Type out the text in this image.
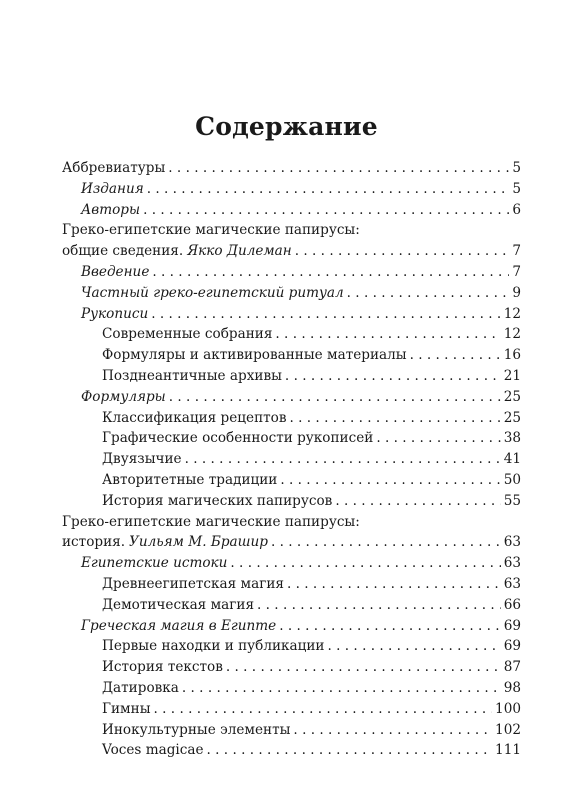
Содержание
Аббревиатуры . . .	5
Издания . . .	5
Авторы . . .	6
Греко-египетские магические папирусы:
общие сведения. Якко Дилеман . . .	7
Введение . . .	7
Частный греко-египетский ритуал . . .	9
Рукописи . . .	12
Современные собрания . . .	12
Формуляры и активированные материалы . . .	16
Позднеантичные архивы . . .	21
Формуляры . . .	25
Классификация рецептов . . .	25
Графические особенности рукописей . . .	38
Двуязычие . . .	41
Авторитетные традиции . . .	50
История магических папирусов . . .	55
Греко-египетские магические папирусы:
история. Уильям М. Брашир . . .	63
Египетские истоки . . .	63
Древнеегипетская магия . . .	63
Демотическая магия . . .	66
Греческая магия в Египте . . .	69
Первые находки и публикации . . .	69
История текстов . . .	87
Датировка . . .	98
Гимны . . .	100
Инокультурные элементы . . .	102
Voces magicae . . .	111
